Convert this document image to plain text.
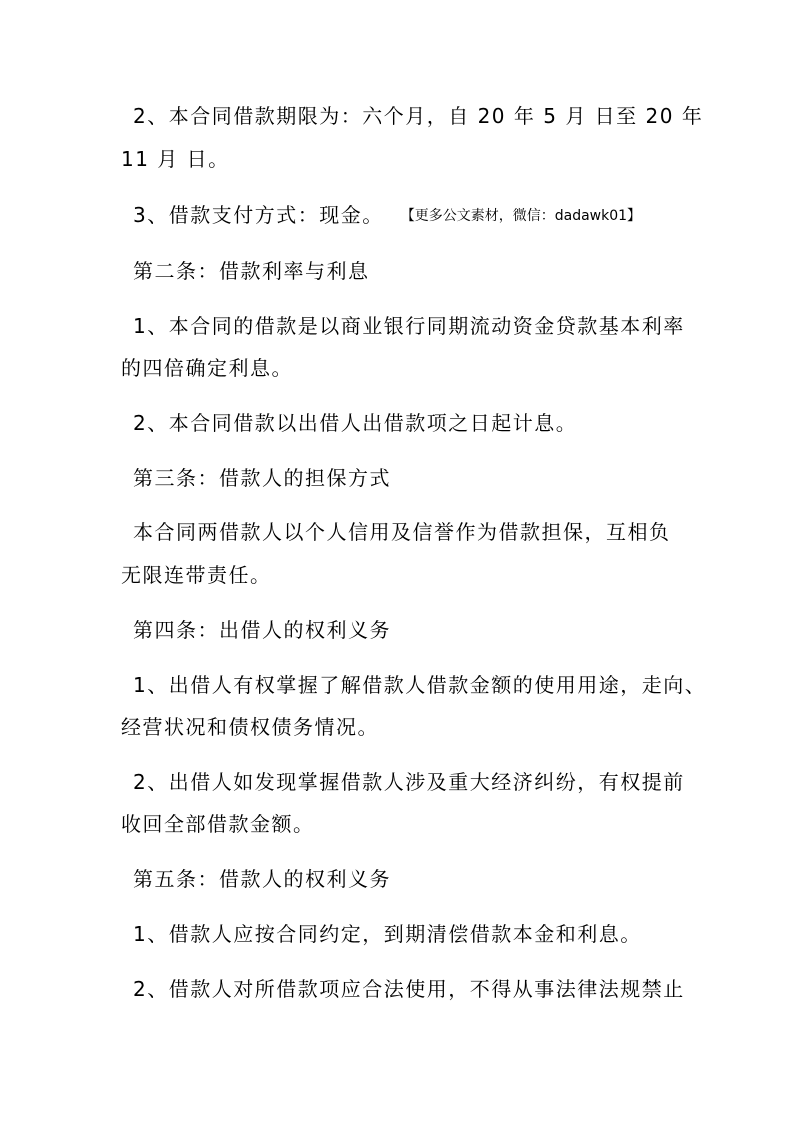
2、本合同借款期限为：六个月，自 20 年 5 月 日至 20 年
11 月 日。
3、借款支付方式：现金。 【更多公文素材，微信：dadawk01】
第二条：借款利率与利息
1、本合同的借款是以商业银行同期流动资金贷款基本利率
的四倍确定利息。
2、本合同借款以出借人出借款项之日起计息。
第三条：借款人的担保方式
本合同两借款人以个人信用及信誉作为借款担保，互相负
无限连带责任。
第四条：出借人的权利义务
1、出借人有权掌握了解借款人借款金额的使用用途，走向、
经营状况和债权债务情况。
2、出借人如发现掌握借款人涉及重大经济纠纷，有权提前
收回全部借款金额。
第五条：借款人的权利义务
1、借款人应按合同约定，到期清偿借款本金和利息。
2、借款人对所借款项应合法使用，不得从事法律法规禁止
